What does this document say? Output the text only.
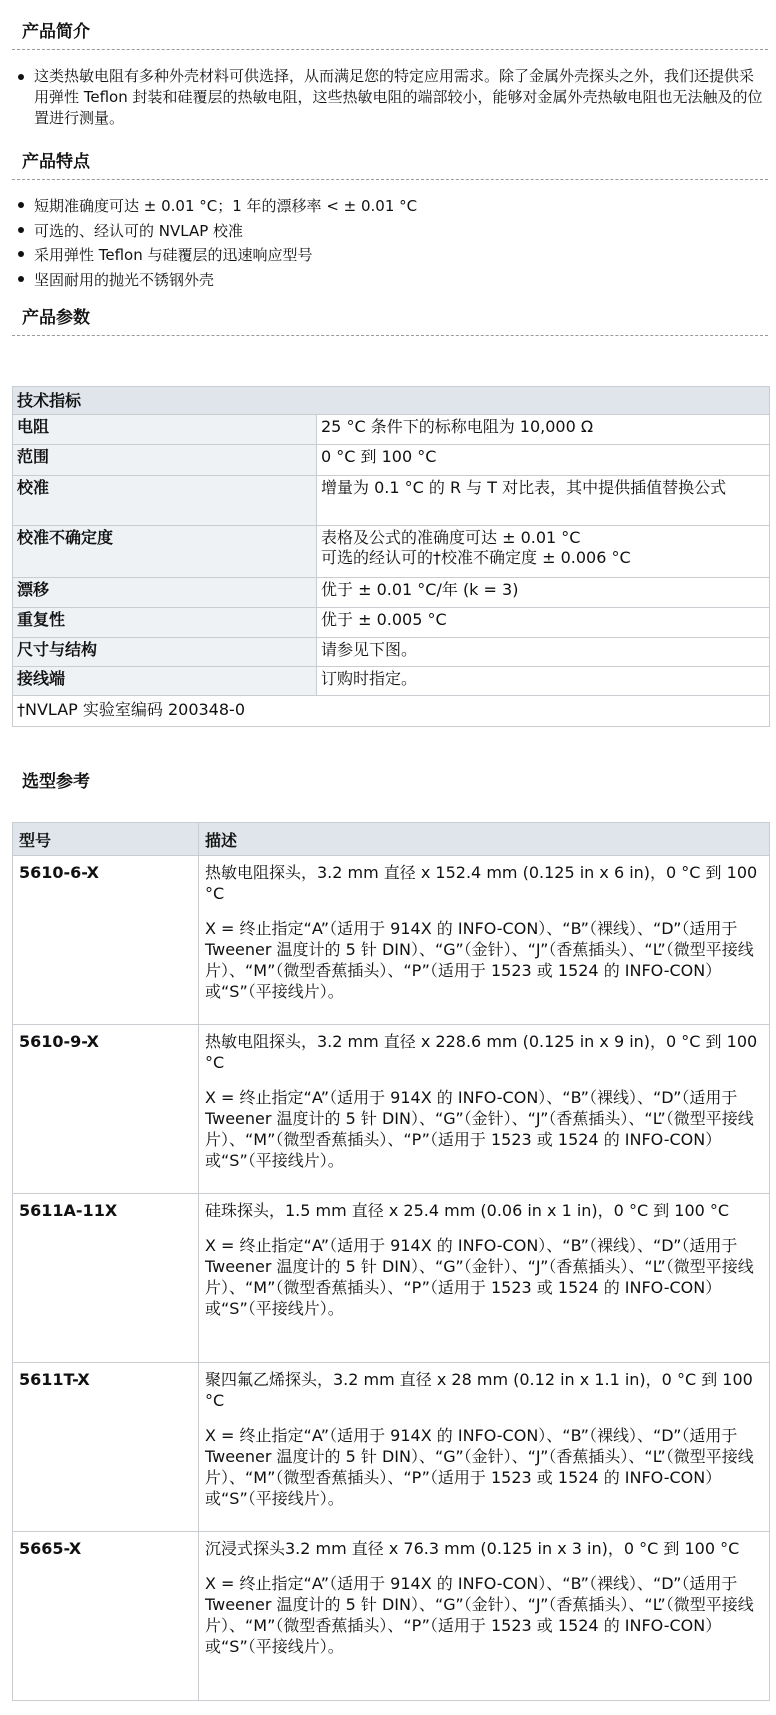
产品简介
这类热敏电阻有多种外壳材料可供选择，从而满足您的特定应用需求。除了金属外壳探头之外，我们还提供采用弹性 Teflon 封装和硅覆层的热敏电阻，这些热敏电阻的端部较小，能够对金属外壳热敏电阻也无法触及的位置进行测量。
产品特点
短期准确度可达 ± 0.01 °C；1 年的漂移率 < ± 0.01 °C
可选的、经认可的 NVLAP 校准
采用弹性 Teflon 与硅覆层的迅速响应型号
坚固耐用的抛光不锈钢外壳
产品参数
技术指标	
电阻	25 °C 条件下的标称电阻为 10,000 Ω
范围	0 °C 到 100 °C
校准	增量为 0.1 °C 的 R 与 T 对比表，其中提供插值替换公式
校准不确定度	表格及公式的准确度可达 ± 0.01 °C
可选的经认可的†校准不确定度 ± 0.006 °C

漂移	优于 ± 0.01 °C/年 (k = 3)
重复性	优于 ± 0.005 °C
尺寸与结构	请参见下图。
接线端	订购时指定。
†NVLAP 实验室编码 200348-0	
选型参考
型号	描述
5610-6-X	热敏电阻探头，3.2 mm 直径 x 152.4 mm (0.125 in x 6 in)，0 °C 到 100 °C
X = 终止指定“A”（适用于 914X 的 INFO-CON）、“B”（裸线）、“D”（适用于 Tweener 温度计的 5 针 DIN）、“G”（金针）、“J”（香蕉插头）、“L”（微型平接线片）、“M”（微型香蕉插头）、“P”（适用于 1523 或 1524 的 INFO-CON）或“S”（平接线片）。

5610-9-X	热敏电阻探头，3.2 mm 直径 x 228.6 mm (0.125 in x 9 in)，0 °C 到 100 °C
X = 终止指定“A”（适用于 914X 的 INFO-CON）、“B”（裸线）、“D”（适用于 Tweener 温度计的 5 针 DIN）、“G”（金针）、“J”（香蕉插头）、“L”（微型平接线片）、“M”（微型香蕉插头）、“P”（适用于 1523 或 1524 的 INFO-CON）或“S”（平接线片）。

5611A-11X	硅珠探头，1.5 mm 直径 x 25.4 mm (0.06 in x 1 in)，0 °C 到 100 °C
X = 终止指定“A”（适用于 914X 的 INFO-CON）、“B”（裸线）、“D”（适用于 Tweener 温度计的 5 针 DIN）、“G”（金针）、“J”（香蕉插头）、“L”（微型平接线片）、“M”（微型香蕉插头）、“P”（适用于 1523 或 1524 的 INFO-CON）或“S”（平接线片）。

5611T-X	聚四氟乙烯探头，3.2 mm 直径 x 28 mm (0.12 in x 1.1 in)，0 °C 到 100 °C
X = 终止指定“A”（适用于 914X 的 INFO-CON）、“B”（裸线）、“D”（适用于 Tweener 温度计的 5 针 DIN）、“G”（金针）、“J”（香蕉插头）、“L”（微型平接线片）、“M”（微型香蕉插头）、“P”（适用于 1523 或 1524 的 INFO-CON）或“S”（平接线片）。

5665-X	沉浸式探头3.2 mm 直径 x 76.3 mm (0.125 in x 3 in)，0 °C 到 100 °C
X = 终止指定“A”（适用于 914X 的 INFO-CON）、“B”（裸线）、“D”（适用于 Tweener 温度计的 5 针 DIN）、“G”（金针）、“J”（香蕉插头）、“L”（微型平接线片）、“M”（微型香蕉插头）、“P”（适用于 1523 或 1524 的 INFO-CON）或“S”（平接线片）。
